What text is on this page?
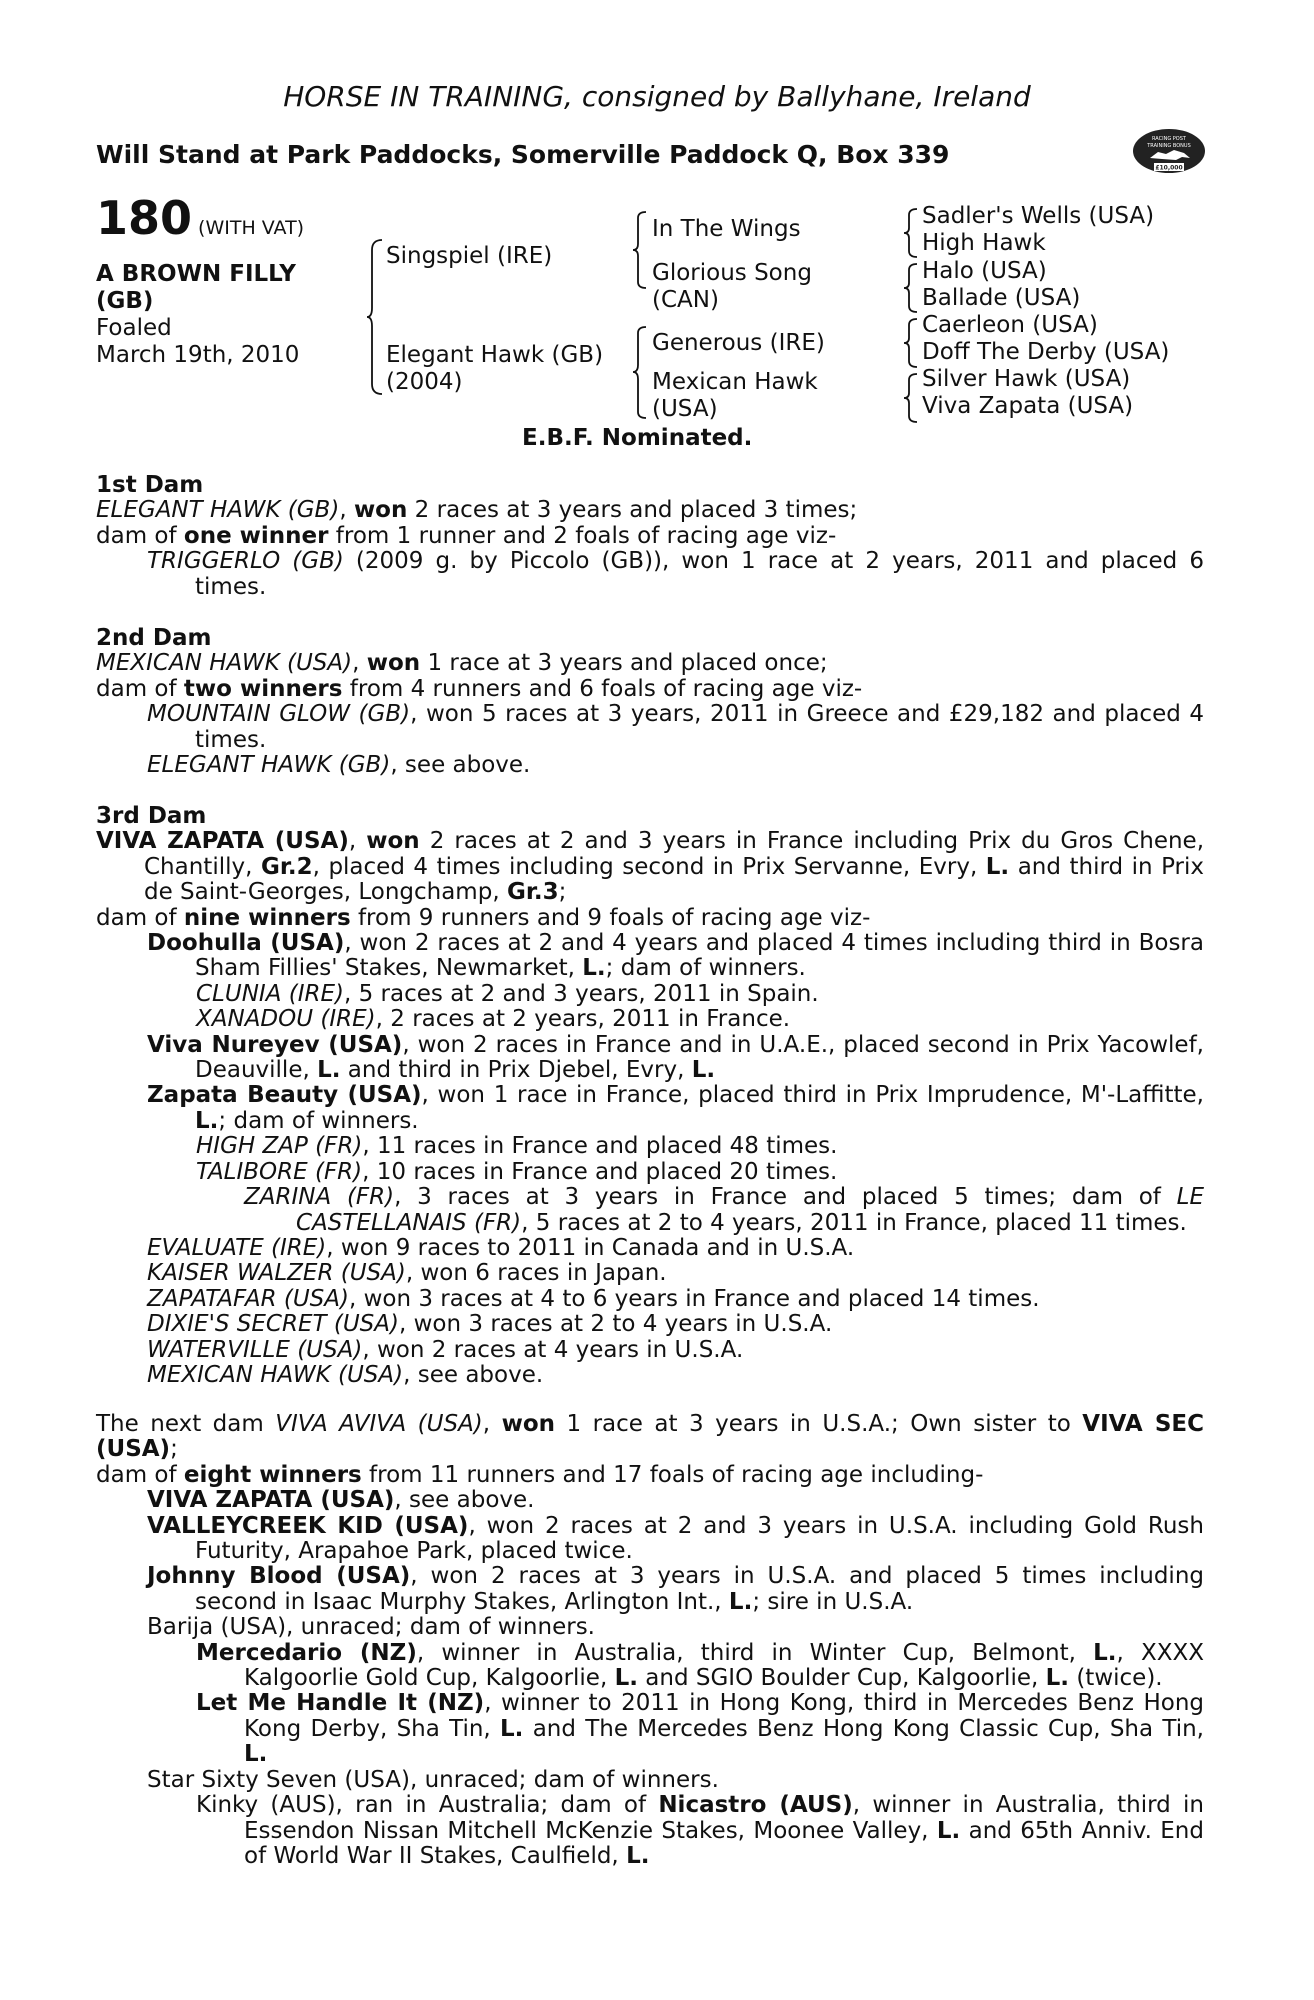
HORSE IN TRAINING, consigned by Ballyhane, Ireland
Will Stand at Park Paddocks, Somerville Paddock Q, Box 339
RACING POST
TRAINING BONUS
£10,000
180 (WITH VAT)
A BROWN FILLY
(GB)
Foaled
March 19th, 2010
Singspiel (IRE)
Elegant Hawk (GB)
(2004)
In The Wings
Glorious Song
(CAN)
Generous (IRE)
Mexican Hawk
(USA)
Sadler's Wells (USA)
High Hawk
Halo (USA)
Ballade (USA)
Caerleon (USA)
Doff The Derby (USA)
Silver Hawk (USA)
Viva Zapata (USA)
E.B.F. Nominated.

1st Dam

ELEGANT HAWK (GB), won 2 races at 3 years and placed 3 times;

dam of one winner from 1 runner and 2 foals of racing age viz-

TRIGGERLO (GB) (2009 g. by Piccolo (GB)), won 1 race at 2 years, 2011 and placed 6 times.

2nd Dam

MEXICAN HAWK (USA), won 1 race at 3 years and placed once;

dam of two winners from 4 runners and 6 foals of racing age viz-

MOUNTAIN GLOW (GB), won 5 races at 3 years, 2011 in Greece and £29,182 and placed 4 times.

ELEGANT HAWK (GB), see above.

3rd Dam

VIVA ZAPATA (USA), won 2 races at 2 and 3 years in France including Prix du Gros Chene, Chantilly, Gr.2, placed 4 times including second in Prix Servanne, Evry, L. and third in Prix de Saint-Georges, Longchamp, Gr.3;

dam of nine winners from 9 runners and 9 foals of racing age viz-

Doohulla (USA), won 2 races at 2 and 4 years and placed 4 times including third in Bosra Sham Fillies' Stakes, Newmarket, L.; dam of winners.

CLUNIA (IRE), 5 races at 2 and 3 years, 2011 in Spain.

XANADOU (IRE), 2 races at 2 years, 2011 in France.

Viva Nureyev (USA), won 2 races in France and in U.A.E., placed second in Prix Yacowlef, Deauville, L. and third in Prix Djebel, Evry, L.

Zapata Beauty (USA), won 1 race in France, placed third in Prix Imprudence, M'-Laffitte, L.; dam of winners.

HIGH ZAP (FR), 11 races in France and placed 48 times.

TALIBORE (FR), 10 races in France and placed 20 times.

ZARINA (FR), 3 races at 3 years in France and placed 5 times; dam of LE CASTELLANAIS (FR), 5 races at 2 to 4 years, 2011 in France, placed 11 times.

EVALUATE (IRE), won 9 races to 2011 in Canada and in U.S.A.

KAISER WALZER (USA), won 6 races in Japan.

ZAPATAFAR (USA), won 3 races at 4 to 6 years in France and placed 14 times.

DIXIE'S SECRET (USA), won 3 races at 2 to 4 years in U.S.A.

WATERVILLE (USA), won 2 races at 4 years in U.S.A.

MEXICAN HAWK (USA), see above.

The next dam VIVA AVIVA (USA), won 1 race at 3 years in U.S.A.; Own sister to VIVA SEC (USA);

dam of eight winners from 11 runners and 17 foals of racing age including-

VIVA ZAPATA (USA), see above.

VALLEYCREEK KID (USA), won 2 races at 2 and 3 years in U.S.A. including Gold Rush Futurity, Arapahoe Park, placed twice.

Johnny Blood (USA), won 2 races at 3 years in U.S.A. and placed 5 times including second in Isaac Murphy Stakes, Arlington Int., L.; sire in U.S.A.

Barija (USA), unraced; dam of winners.

Mercedario (NZ), winner in Australia, third in Winter Cup, Belmont, L., XXXX Kalgoorlie Gold Cup, Kalgoorlie, L. and SGIO Boulder Cup, Kalgoorlie, L. (twice).

Let Me Handle It (NZ), winner to 2011 in Hong Kong, third in Mercedes Benz Hong Kong Derby, Sha Tin, L. and The Mercedes Benz Hong Kong Classic Cup, Sha Tin, L.

Star Sixty Seven (USA), unraced; dam of winners.

Kinky (AUS), ran in Australia; dam of Nicastro (AUS), winner in Australia, third in Essendon Nissan Mitchell McKenzie Stakes, Moonee Valley, L. and 65th Anniv. End of World War II Stakes, Caulfield, L.
